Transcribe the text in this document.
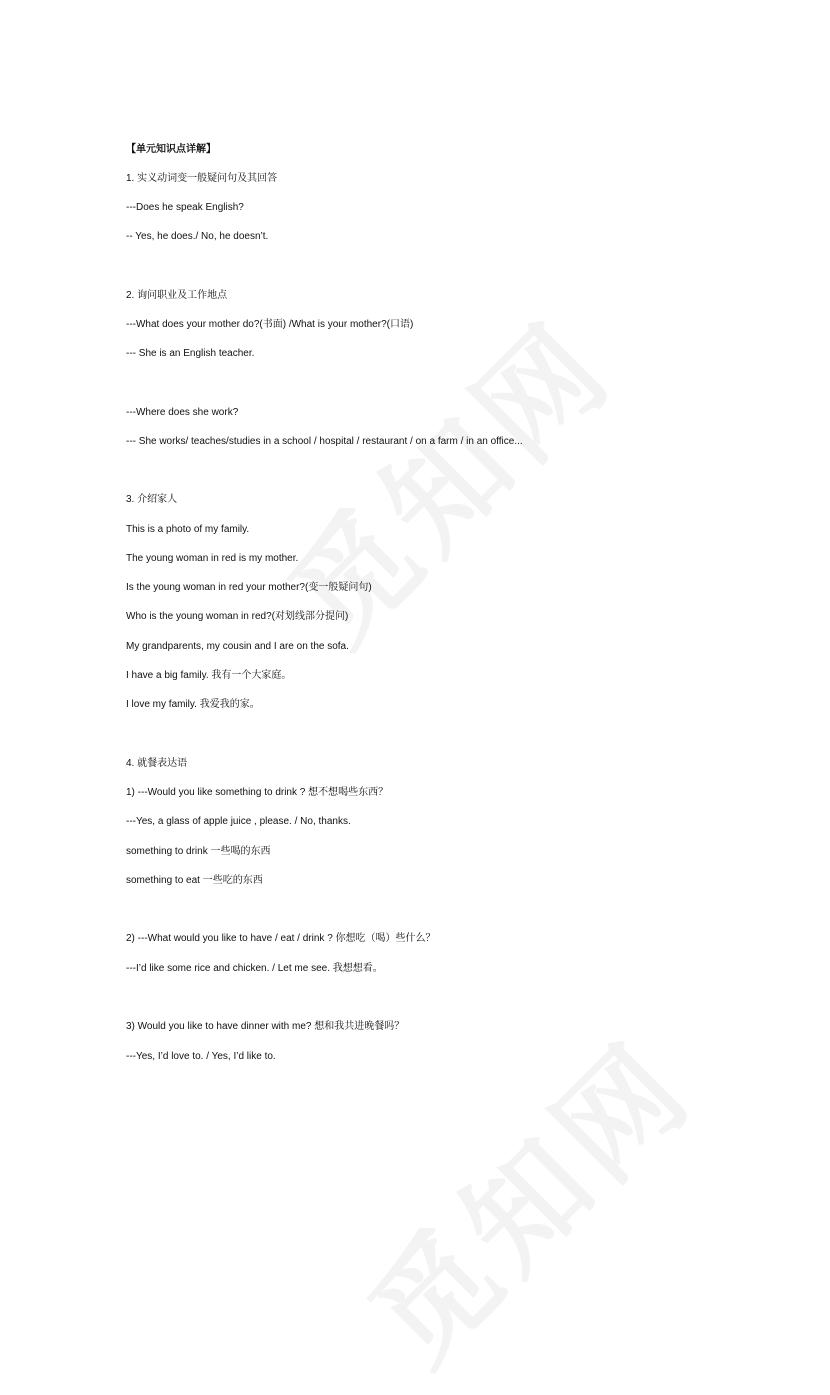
【单元知识点详解】
1. 实义动词变一般疑问句及其回答
---Does he speak English?
-- Yes, he does./ No, he doesn’t.
2. 询问职业及工作地点
---What does your mother do?(书面) /What is your mother?(口语)
--- She is an English teacher.
---Where does she work?
--- She works/ teaches/studies in a school / hospital / restaurant / on a farm / in an office...
3. 介绍家人
This is a photo of my family.
The young woman in red is my mother.
Is the young woman in red your mother?(变一般疑问句)
Who is the young woman in red?(对划线部分提问)
My grandparents, my cousin and I are on the sofa.
I have a big family. 我有一个大家庭。
I love my family. 我爱我的家。
4. 就餐表达语
1) ---Would you like something to drink ? 想不想喝些东西？
---Yes, a glass of apple juice , please. / No, thanks.
something to drink 一些喝的东西
something to eat 一些吃的东西
2) ---What would you like to have / eat / drink ? 你想吃（喝）些什么？
---I’d like some rice and chicken. / Let me see. 我想想看。
3) Would you like to have dinner with me? 想和我共进晚餐吗？
---Yes, I’d love to. / Yes, I’d like to.
